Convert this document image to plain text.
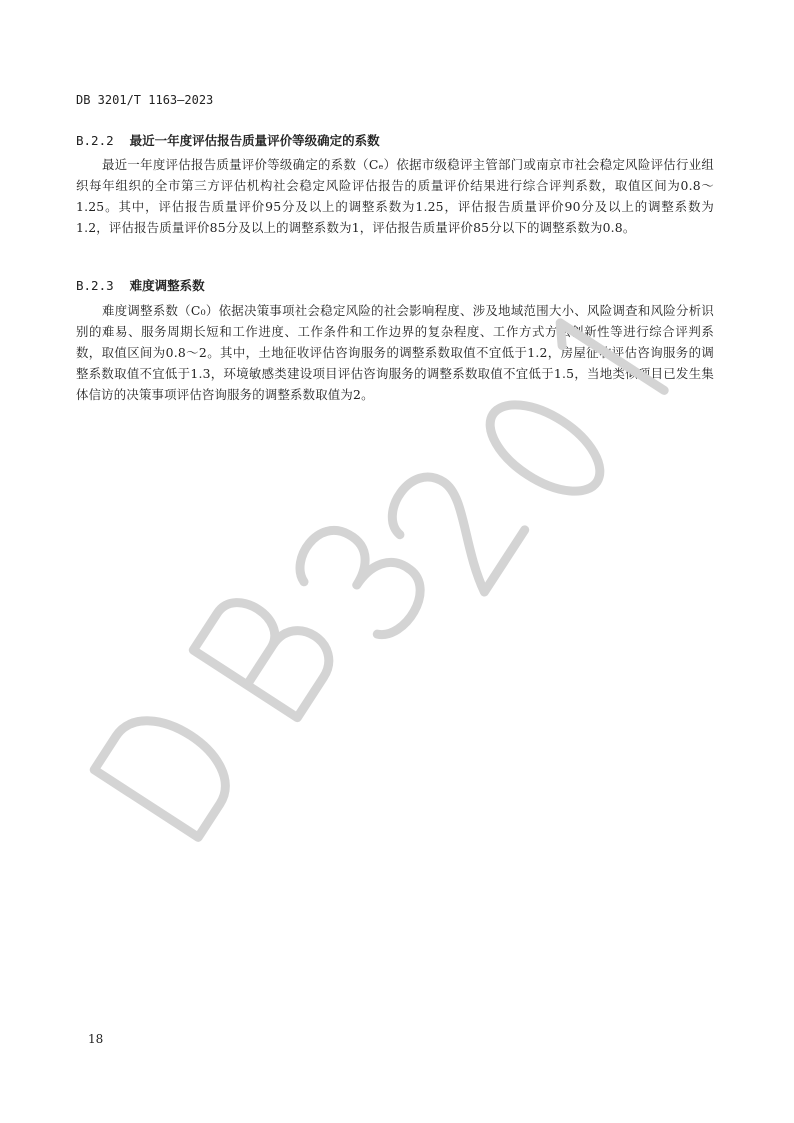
DB 3201/T 1163—2023
B.2.2 最近一年度评估报告质量评价等级确定的系数
最近一年度评估报告质量评价等级确定的系数（Cₑ）依据市级稳评主管部门或南京市社会稳定风险评估行业组织每年组织的全市第三方评估机构社会稳定风险评估报告的质量评价结果进行综合评判系数，取值区间为0.8～1.25。其中，评估报告质量评价95分及以上的调整系数为1.25，评估报告质量评价90分及以上的调整系数为1.2，评估报告质量评价85分及以上的调整系数为1，评估报告质量评价85分以下的调整系数为0.8。
B.2.3 难度调整系数
难度调整系数（C₀）依据决策事项社会稳定风险的社会影响程度、涉及地域范围大小、风险调查和风险分析识别的难易、服务周期长短和工作进度、工作条件和工作边界的复杂程度、工作方式方法创新性等进行综合评判系数，取值区间为0.8～2。其中，土地征收评估咨询服务的调整系数取值不宜低于1.2，房屋征收评估咨询服务的调整系数取值不宜低于1.3，环境敏感类建设项目评估咨询服务的调整系数取值不宜低于1.5，当地类似项目已发生集体信访的决策事项评估咨询服务的调整系数取值为2。
18
